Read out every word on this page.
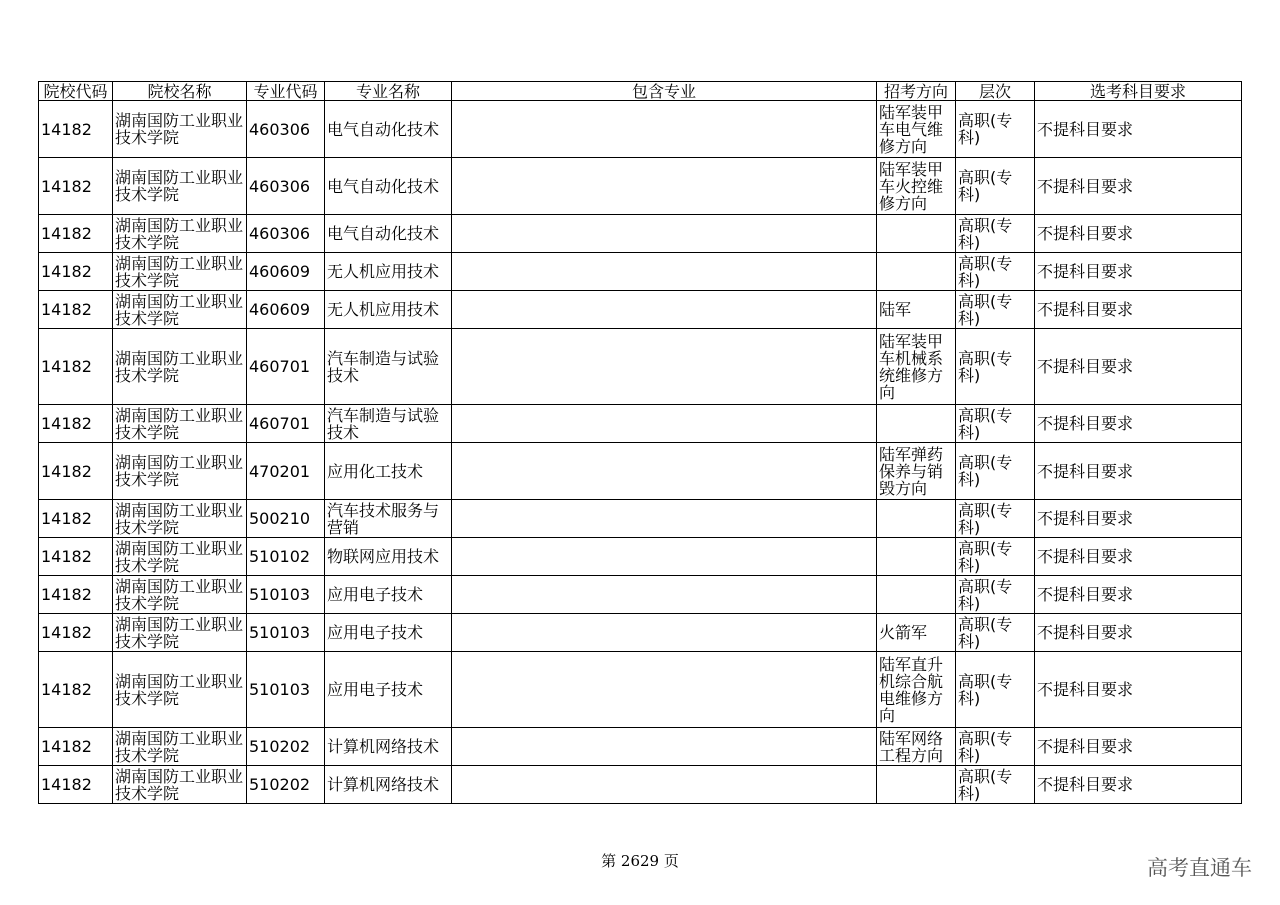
院校代码	院校名称	专业代码	专业名称	包含专业	招考方向	层次	选考科目要求
14182	湖南国防工业职业技术学院	460306	电气自动化技术		陆军装甲车电气维修方向	高职(专科)	不提科目要求
14182	湖南国防工业职业技术学院	460306	电气自动化技术		陆军装甲车火控维修方向	高职(专科)	不提科目要求
14182	湖南国防工业职业技术学院	460306	电气自动化技术			高职(专科)	不提科目要求
14182	湖南国防工业职业技术学院	460609	无人机应用技术			高职(专科)	不提科目要求
14182	湖南国防工业职业技术学院	460609	无人机应用技术		陆军	高职(专科)	不提科目要求
14182	湖南国防工业职业技术学院	460701	汽车制造与试验技术		陆军装甲车机械系统维修方向	高职(专科)	不提科目要求
14182	湖南国防工业职业技术学院	460701	汽车制造与试验技术			高职(专科)	不提科目要求
14182	湖南国防工业职业技术学院	470201	应用化工技术		陆军弹药保养与销毁方向	高职(专科)	不提科目要求
14182	湖南国防工业职业技术学院	500210	汽车技术服务与营销			高职(专科)	不提科目要求
14182	湖南国防工业职业技术学院	510102	物联网应用技术			高职(专科)	不提科目要求
14182	湖南国防工业职业技术学院	510103	应用电子技术			高职(专科)	不提科目要求
14182	湖南国防工业职业技术学院	510103	应用电子技术		火箭军	高职(专科)	不提科目要求
14182	湖南国防工业职业技术学院	510103	应用电子技术		陆军直升机综合航电维修方向	高职(专科)	不提科目要求
14182	湖南国防工业职业技术学院	510202	计算机网络技术		陆军网络工程方向	高职(专科)	不提科目要求
14182	湖南国防工业职业技术学院	510202	计算机网络技术			高职(专科)	不提科目要求
第 2629 页	高考直通车
